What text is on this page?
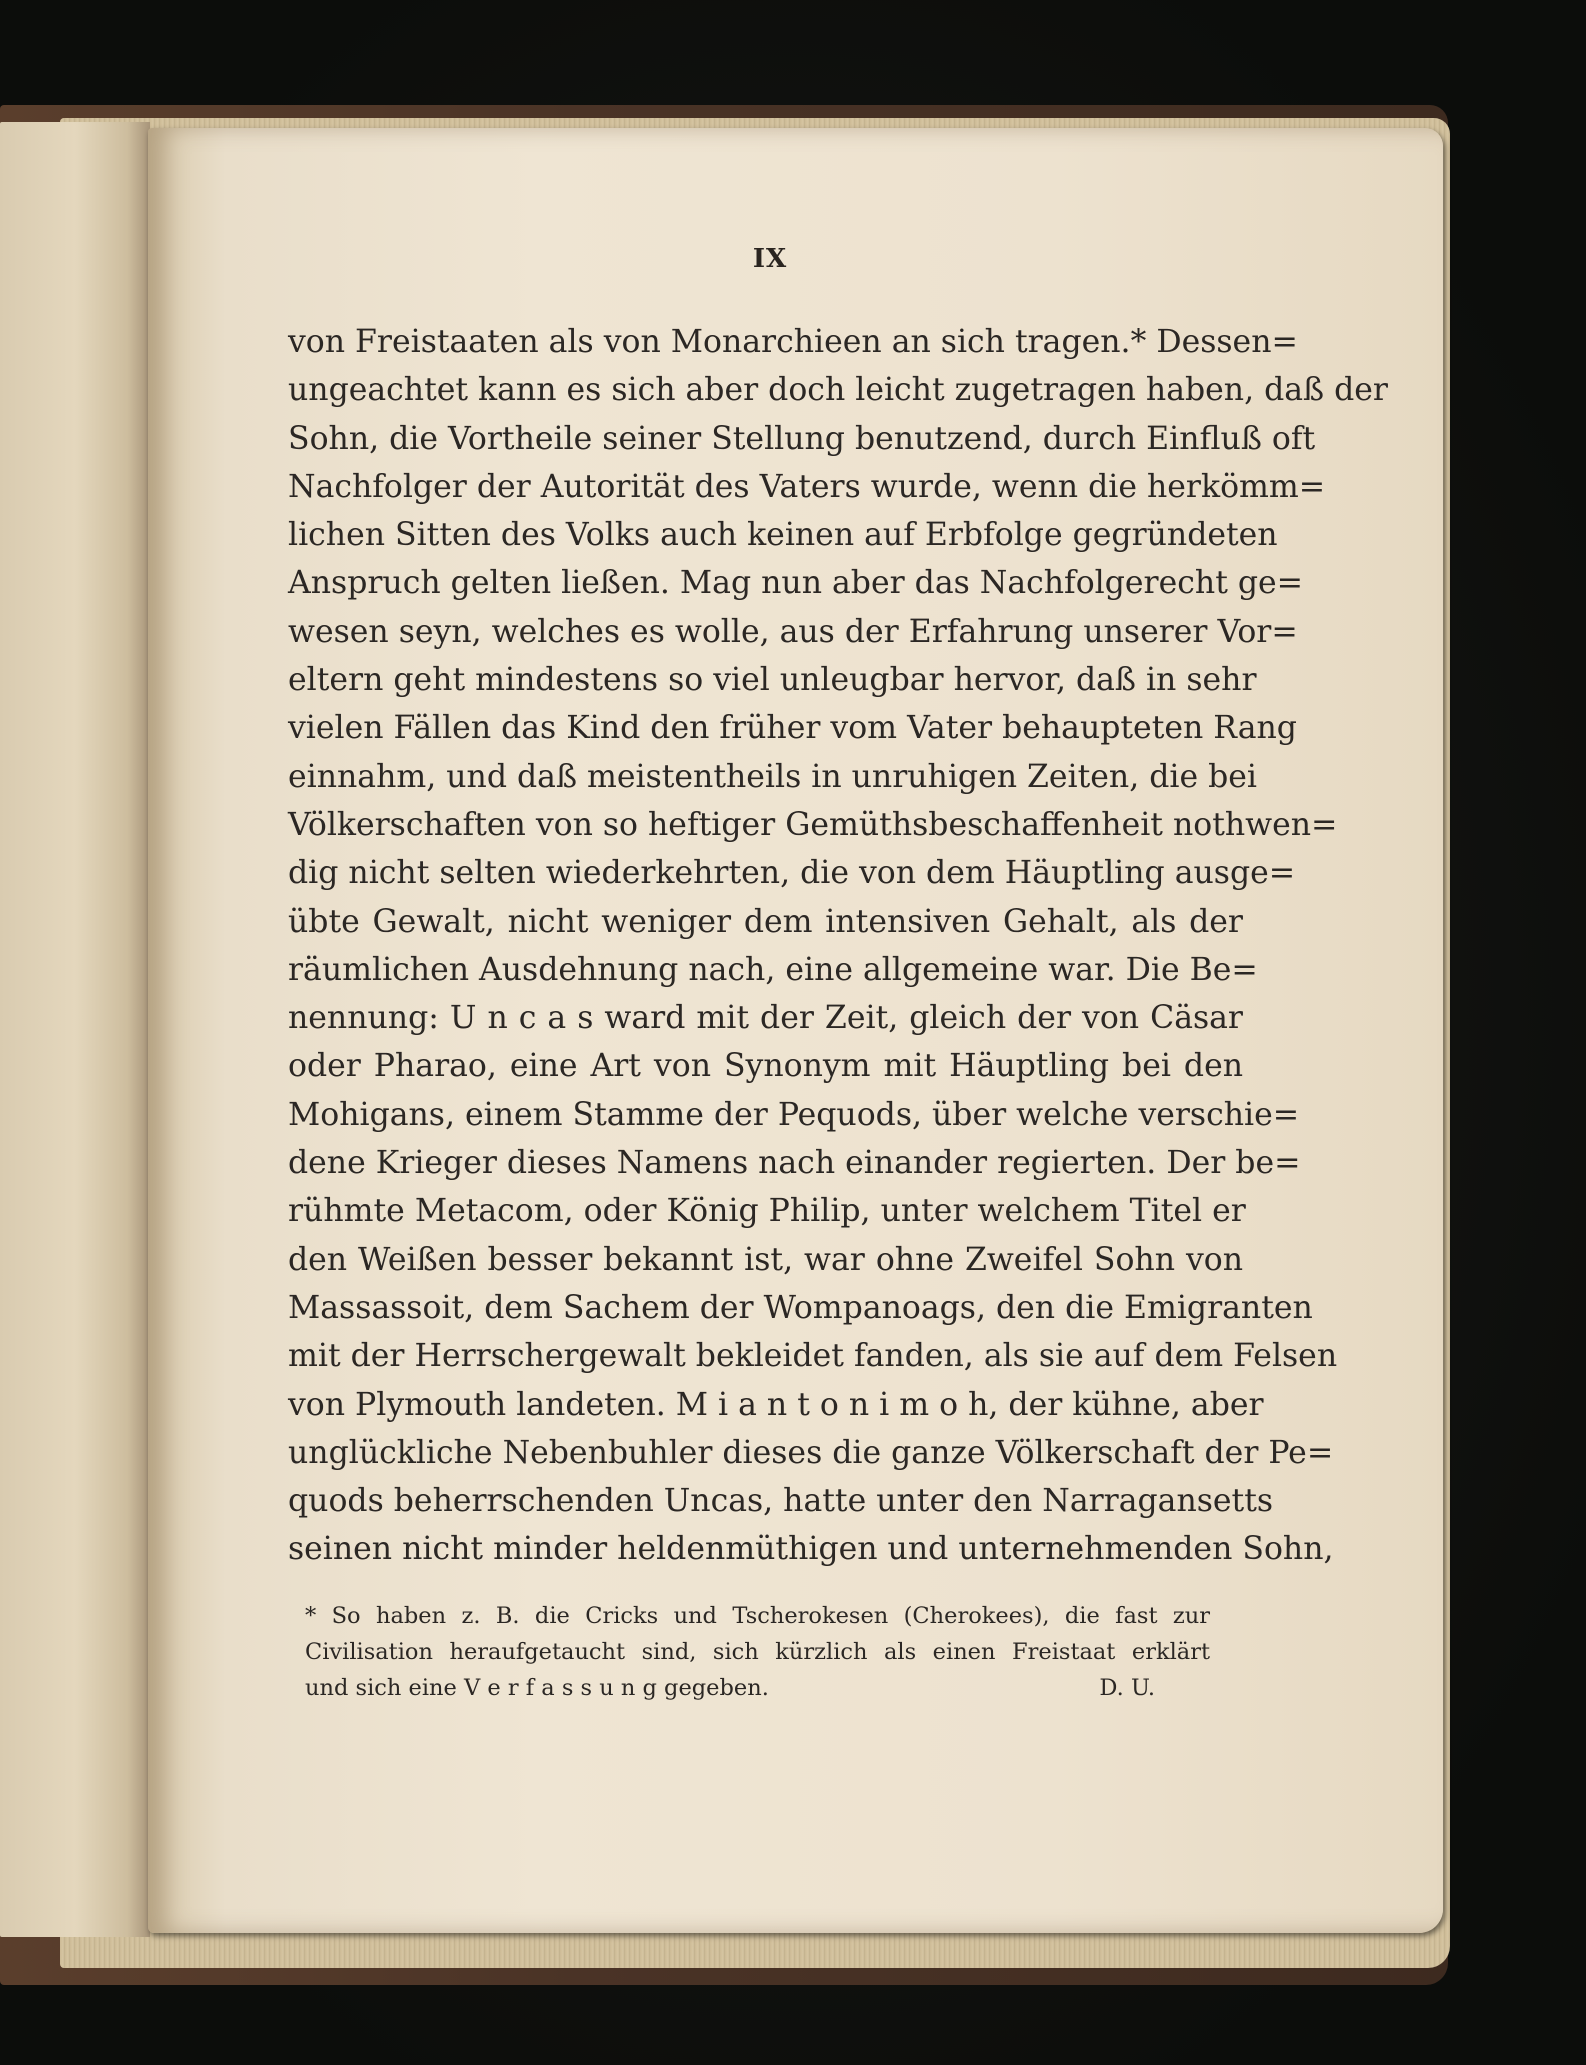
IX
von Freistaaten als von Monarchieen an sich tragen.* Dessen=
ungeachtet kann es sich aber doch leicht zugetragen haben, daß der
Sohn, die Vortheile seiner Stellung benutzend, durch Einfluß oft
Nachfolger der Autorität des Vaters wurde, wenn die herkömm=
lichen Sitten des Volks auch keinen auf Erbfolge gegründeten
Anspruch gelten ließen. Mag nun aber das Nachfolgerecht ge=
wesen seyn, welches es wolle, aus der Erfahrung unserer Vor=
eltern geht mindestens so viel unleugbar hervor, daß in sehr
vielen Fällen das Kind den früher vom Vater behaupteten Rang
einnahm, und daß meistentheils in unruhigen Zeiten, die bei
Völkerschaften von so heftiger Gemüthsbeschaffenheit nothwen=
dig nicht selten wiederkehrten, die von dem Häuptling ausge=
übte Gewalt, nicht weniger dem intensiven Gehalt, als der
räumlichen Ausdehnung nach, eine allgemeine war. Die Be=
nennung: U n c a s ward mit der Zeit, gleich der von Cäsar
oder Pharao, eine Art von Synonym mit Häuptling bei den
Mohigans, einem Stamme der Pequods, über welche verschie=
dene Krieger dieses Namens nach einander regierten. Der be=
rühmte Metacom, oder König Philip, unter welchem Titel er
den Weißen besser bekannt ist, war ohne Zweifel Sohn von
Massassoit, dem Sachem der Wompanoags, den die Emigranten
mit der Herrschergewalt bekleidet fanden, als sie auf dem Felsen
von Plymouth landeten. M i a n t o n i m o h, der kühne, aber
unglückliche Nebenbuhler dieses die ganze Völkerschaft der Pe=
quods beherrschenden Uncas, hatte unter den Narragansetts
seinen nicht minder heldenmüthigen und unternehmenden Sohn,
* So haben z. B. die Cricks und Tscherokesen (Cherokees), die fast zur
Civilisation heraufgetaucht sind, sich kürzlich als einen Freistaat erklärt
und sich eine V e r f a s s u n g gegeben.	D. U.
